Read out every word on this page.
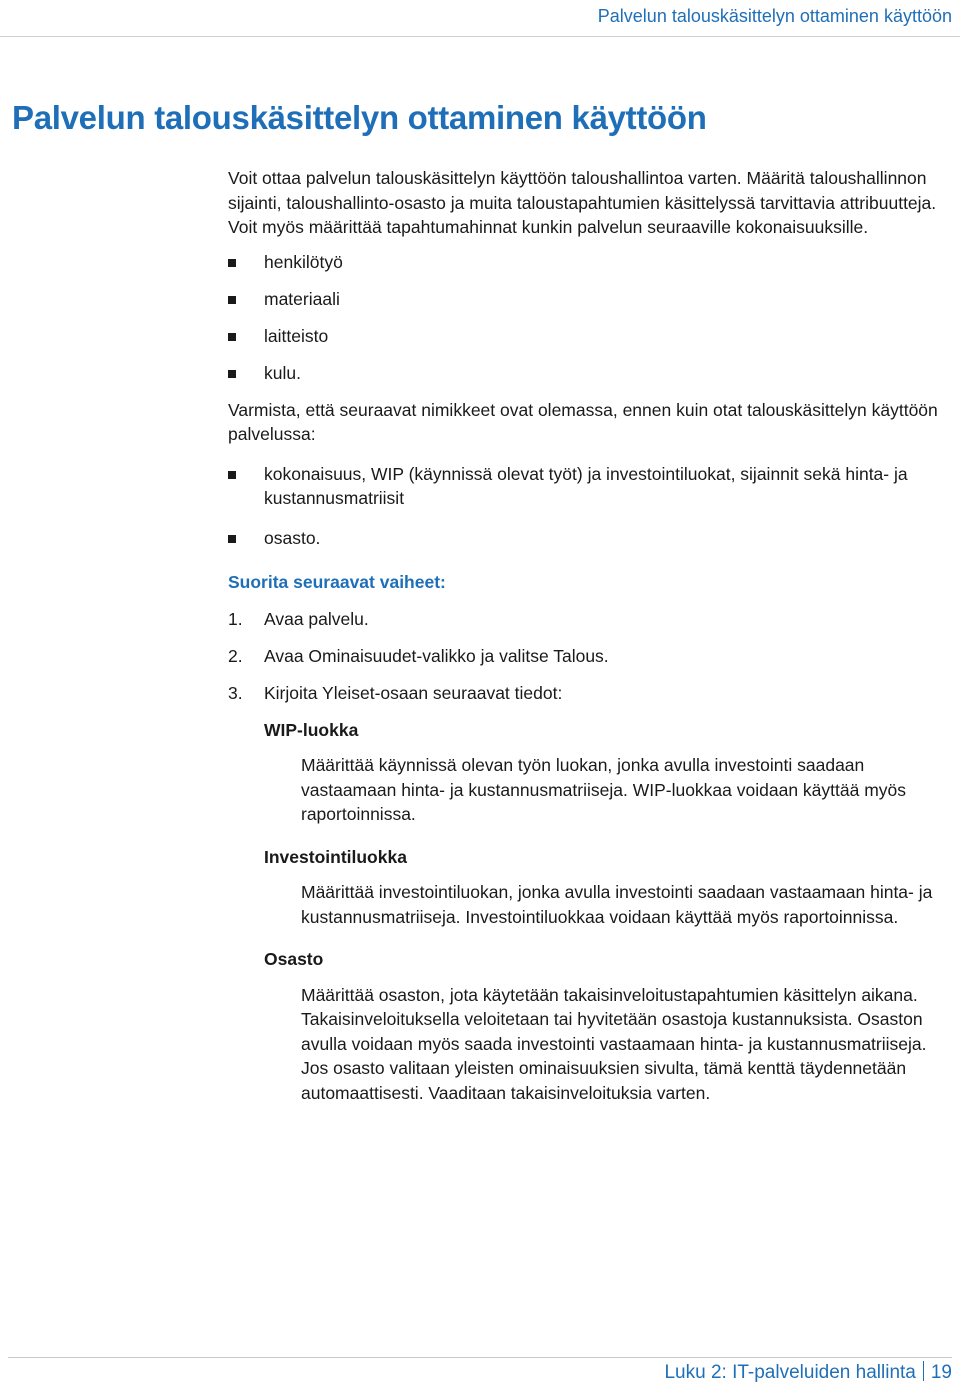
Palvelun talouskäsittelyn ottaminen käyttöön
Palvelun talouskäsittelyn ottaminen käyttöön

Voit ottaa palvelun talouskäsittelyn käyttöön taloushallintoa varten. Määritä taloushallinnon sijainti, taloushallinto-osasto ja muita taloustapahtumien käsittelyssä tarvittavia attribuutteja. Voit myös määrittää tapahtumahinnat kunkin palvelun seuraaville kokonaisuuksille.

henkilötyö
materiaali
laitteisto
kulu.

Varmista, että seuraavat nimikkeet ovat olemassa, ennen kuin otat talouskäsittelyn käyttöön palvelussa:

kokonaisuus, WIP (käynnissä olevat työt) ja investointiluokat, sijainnit sekä hinta- ja kustannusmatriisit
osasto.

Suorita seuraavat vaiheet:

1. Avaa palvelu.
2. Avaa Ominaisuudet-valikko ja valitse Talous.
3. Kirjoita Yleiset-osaan seuraavat tiedot:

WIP-luokka

Määrittää käynnissä olevan työn luokan, jonka avulla investointi saadaan vastaamaan hinta- ja kustannusmatriiseja. WIP-luokkaa voidaan käyttää myös raportoinnissa.

Investointiluokka

Määrittää investointiluokan, jonka avulla investointi saadaan vastaamaan hinta- ja kustannusmatriiseja. Investointiluokkaa voidaan käyttää myös raportoinnissa.

Osasto

Määrittää osaston, jota käytetään takaisinveloitustapahtumien käsittelyn aikana. Takaisinveloituksella veloitetaan tai hyvitetään osastoja kustannuksista. Osaston avulla voidaan myös saada investointi vastaamaan hinta- ja kustannusmatriiseja. Jos osasto valitaan yleisten ominaisuuksien sivulta, tämä kenttä täydennetään automaattisesti. Vaaditaan takaisinveloituksia varten.

Luku 2: IT-palveluiden hallinta 19
